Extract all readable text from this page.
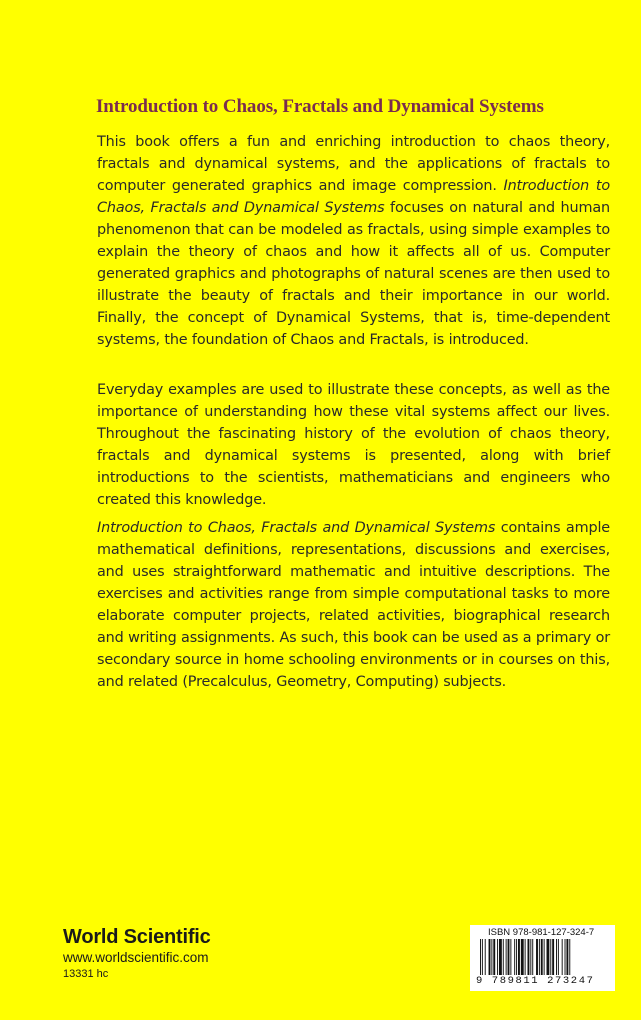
Introduction to Chaos, Fractals and Dynamical Systems
This book offers a fun and enriching introduction to chaos theory, fractals and dynamical systems, and the applications of fractals to computer generated graphics and image compression. Introduction to Chaos, Fractals and Dynamical Systems focuses on natural and human phenomenon that can be modeled as fractals, using simple examples to explain the theory of chaos and how it affects all of us. Computer generated graphics and photographs of natural scenes are then used to illustrate the beauty of fractals and their importance in our world. Finally, the concept of Dynamical Systems, that is, time-dependent systems, the foundation of Chaos and Fractals, is introduced.
Everyday examples are used to illustrate these concepts, as well as the importance of understanding how these vital systems affect our lives. Throughout the fascinating history of the evolution of chaos theory, fractals and dynamical systems is presented, along with brief introductions to the scientists, mathematicians and engineers who created this knowledge.
Introduction to Chaos, Fractals and Dynamical Systems contains ample mathematical definitions, representations, discussions and exercises, and uses straightforward mathematic and intuitive descriptions. The exercises and activities range from simple computational tasks to more elaborate computer projects, related activities, biographical research and writing assignments. As such, this book can be used as a primary or secondary source in home schooling environments or in courses on this, and related (Precalculus, Geometry, Computing) subjects.
World Scientific
www.worldscientific.com
13331 hc
ISBN 978-981-127-324-7
9 789811 273247
